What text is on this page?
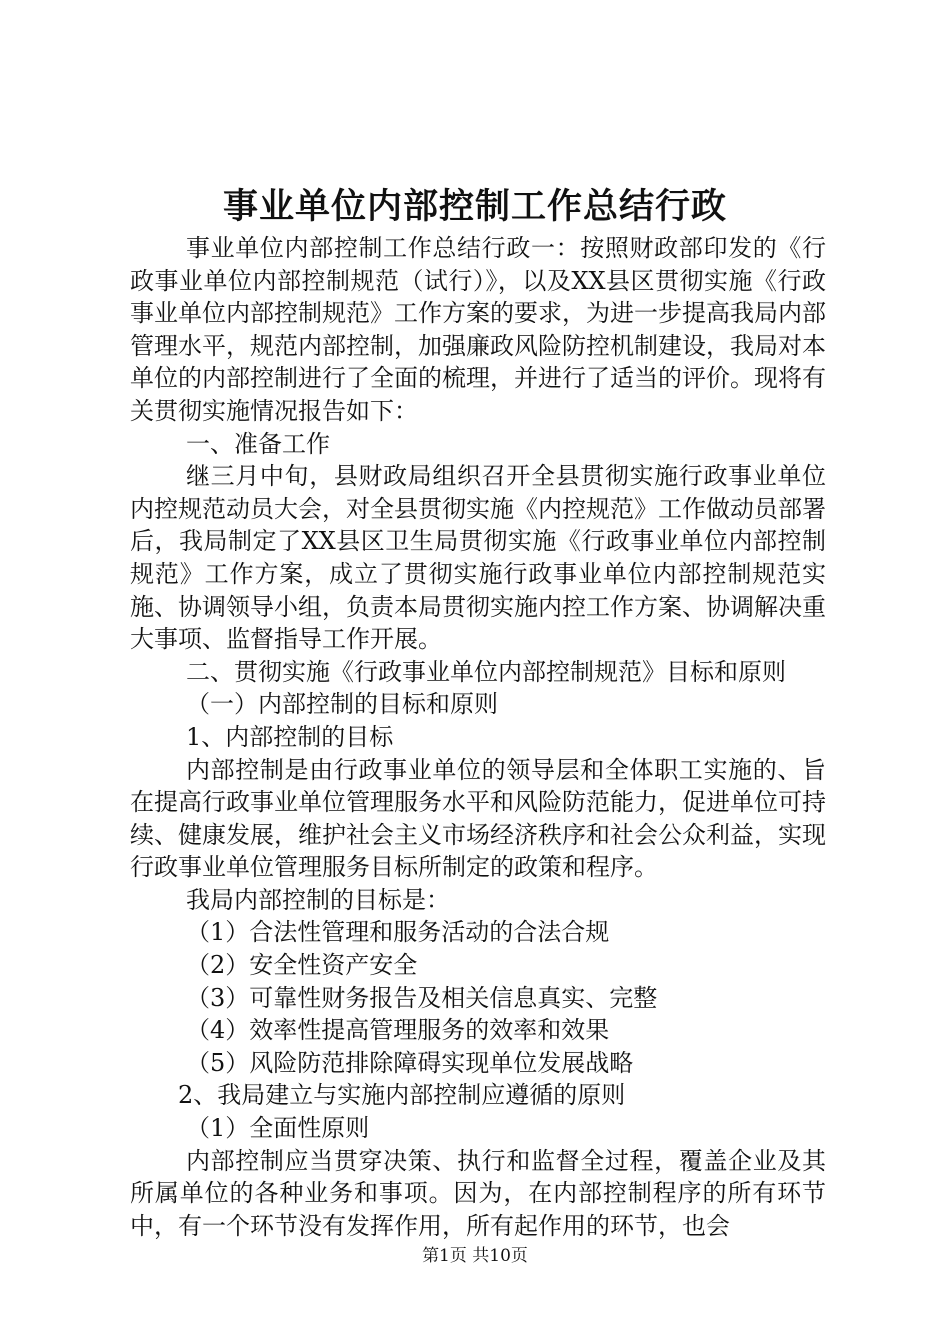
事业单位内部控制工作总结行政

事业单位内部控制工作总结行政一：按照财政部印发的《行政事业单位内部控制规范（试行）》，以及XX县区贯彻实施《行政事业单位内部控制规范》工作方案的要求，为进一步提高我局内部管理水平，规范内部控制，加强廉政风险防控机制建设，我局对本单位的内部控制进行了全面的梳理，并进行了适当的评价。现将有关贯彻实施情况报告如下：

一、准备工作

继三月中旬，县财政局组织召开全县贯彻实施行政事业单位内控规范动员大会，对全县贯彻实施《内控规范》工作做动员部署后，我局制定了XX县区卫生局贯彻实施《行政事业单位内部控制规范》工作方案，成立了贯彻实施行政事业单位内部控制规范实施、协调领导小组，负责本局贯彻实施内控工作方案、协调解决重大事项、监督指导工作开展。

二、贯彻实施《行政事业单位内部控制规范》目标和原则

（一）内部控制的目标和原则

1、内部控制的目标

内部控制是由行政事业单位的领导层和全体职工实施的、旨在提高行政事业单位管理服务水平和风险防范能力，促进单位可持续、健康发展，维护社会主义市场经济秩序和社会公众利益，实现行政事业单位管理服务目标所制定的政策和程序。

我局内部控制的目标是：

（1）合法性管理和服务活动的合法合规

（2）安全性资产安全

（3）可靠性财务报告及相关信息真实、完整

（4）效率性提高管理服务的效率和效果

（5）风险防范排除障碍实现单位发展战略

2、我局建立与实施内部控制应遵循的原则

（1）全面性原则

内部控制应当贯穿决策、执行和监督全过程，覆盖企业及其所属单位的各种业务和事项。因为，在内部控制程序的所有环节中，有一个环节没有发挥作用，所有起作用的环节，也会

第1页 共10页
